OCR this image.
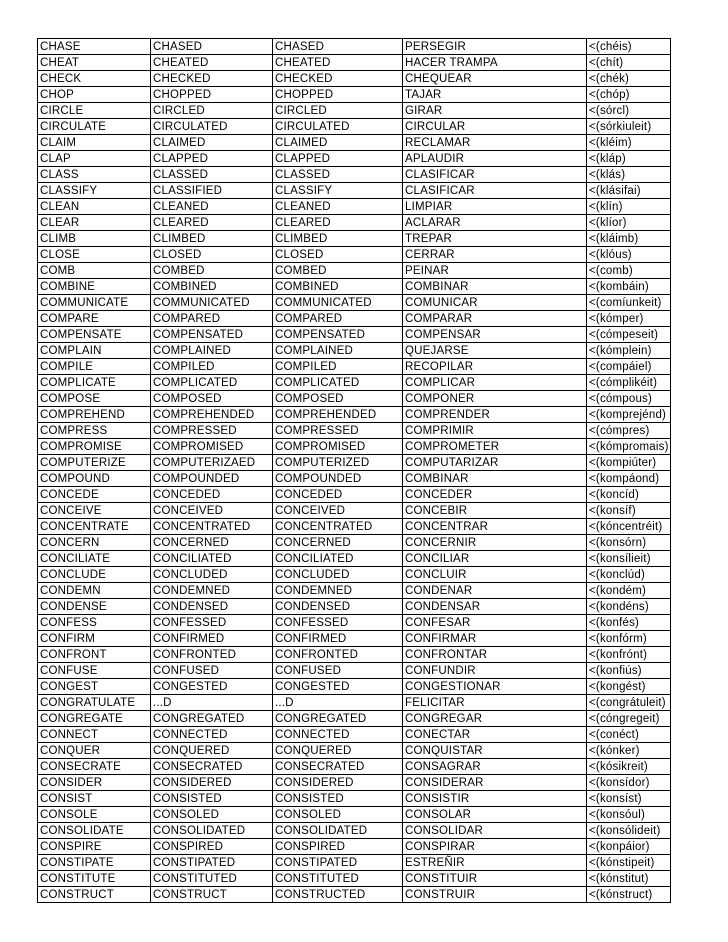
CHASE	CHASED	CHASED	PERSEGIR	<(chéis)
CHEAT	CHEATED	CHEATED	HACER TRAMPA	<(chít)
CHECK	CHECKED	CHECKED	CHEQUEAR	<(chék)
CHOP	CHOPPED	CHOPPED	TAJAR	<(chóp)
CIRCLE	CIRCLED	CIRCLED	GIRAR	<(sórcl)
CIRCULATE	CIRCULATED	CIRCULATED	CIRCULAR	<(sórkiuleit)
CLAIM	CLAIMED	CLAIMED	RECLAMAR	<(kléim)
CLAP	CLAPPED	CLAPPED	APLAUDIR	<(kláp)
CLASS	CLASSED	CLASSED	CLASIFICAR	<(klás)
CLASSIFY	CLASSIFIED	CLASSIFY	CLASIFICAR	<(klásifai)
CLEAN	CLEANED	CLEANED	LIMPIAR	<(klín)
CLEAR	CLEARED	CLEARED	ACLARAR	<(klíor)
CLIMB	CLIMBED	CLIMBED	TREPAR	<(kláimb)
CLOSE	CLOSED	CLOSED	CERRAR	<(klóus)
COMB	COMBED	COMBED	PEINAR	<(comb)
COMBINE	COMBINED	COMBINED	COMBINAR	<(kombáin)
COMMUNICATE	COMMUNICATED	COMMUNICATED	COMUNICAR	<(comíunkeit)
COMPARE	COMPARED	COMPARED	COMPARAR	<(kómper)
COMPENSATE	COMPENSATED	COMPENSATED	COMPENSAR	<(cómpeseit)
COMPLAIN	COMPLAINED	COMPLAINED	QUEJARSE	<(kómplein)
COMPILE	COMPILED	COMPILED	RECOPILAR	<(compáiel)
COMPLICATE	COMPLICATED	COMPLICATED	COMPLICAR	<(cómplikéit)
COMPOSE	COMPOSED	COMPOSED	COMPONER	<(cómpous)
COMPREHEND	COMPREHENDED	COMPREHENDED	COMPRENDER	<(komprejénd)
COMPRESS	COMPRESSED	COMPRESSED	COMPRIMIR	<(cómpres)
COMPROMISE	COMPROMISED	COMPROMISED	COMPROMETER	<(kómpromais)
COMPUTERIZE	COMPUTERIZAED	COMPUTERIZED	COMPUTARIZAR	<(kompiúter)
COMPOUND	COMPOUNDED	COMPOUNDED	COMBINAR	<(kompáond)
CONCEDE	CONCEDED	CONCEDED	CONCEDER	<(koncíd)
CONCEIVE	CONCEIVED	CONCEIVED	CONCEBIR	<(konsíf)
CONCENTRATE	CONCENTRATED	CONCENTRATED	CONCENTRAR	<(kóncentréit)
CONCERN	CONCERNED	CONCERNED	CONCERNIR	<(konsórn)
CONCILIATE	CONCILIATED	CONCILIATED	CONCILIAR	<(konsílieit)
CONCLUDE	CONCLUDED	CONCLUDED	CONCLUIR	<(konclúd)
CONDEMN	CONDEMNED	CONDEMNED	CONDENAR	<(kondém)
CONDENSE	CONDENSED	CONDENSED	CONDENSAR	<(kondéns)
CONFESS	CONFESSED	CONFESSED	CONFESAR	<(konfés)
CONFIRM	CONFIRMED	CONFIRMED	CONFIRMAR	<(konfórm)
CONFRONT	CONFRONTED	CONFRONTED	CONFRONTAR	<(konfrónt)
CONFUSE	CONFUSED	CONFUSED	CONFUNDIR	<(konfiús)
CONGEST	CONGESTED	CONGESTED	CONGESTIONAR	<(kongést)
CONGRATULATE	...D	...D	FELICITAR	<(congrátuleit)
CONGREGATE	CONGREGATED	CONGREGATED	CONGREGAR	<(cóngregeit)
CONNECT	CONNECTED	CONNECTED	CONECTAR	<(conéct)
CONQUER	CONQUERED	CONQUERED	CONQUISTAR	<(kónker)
CONSECRATE	CONSECRATED	CONSECRATED	CONSAGRAR	<(kósikreit)
CONSIDER	CONSIDERED	CONSIDERED	CONSIDERAR	<(konsídor)
CONSIST	CONSISTED	CONSISTED	CONSISTIR	<(konsíst)
CONSOLE	CONSOLED	CONSOLED	CONSOLAR	<(konsóul)
CONSOLIDATE	CONSOLIDATED	CONSOLIDATED	CONSOLIDAR	<(konsólideit)
CONSPIRE	CONSPIRED	CONSPIRED	CONSPIRAR	<(konpáior)
CONSTIPATE	CONSTIPATED	CONSTIPATED	ESTREÑIR	<(kónstipeit)
CONSTITUTE	CONSTITUTED	CONSTITUTED	CONSTITUIR	<(kónstitut)
CONSTRUCT	CONSTRUCT	CONSTRUCTED	CONSTRUIR	<(kónstruct)
